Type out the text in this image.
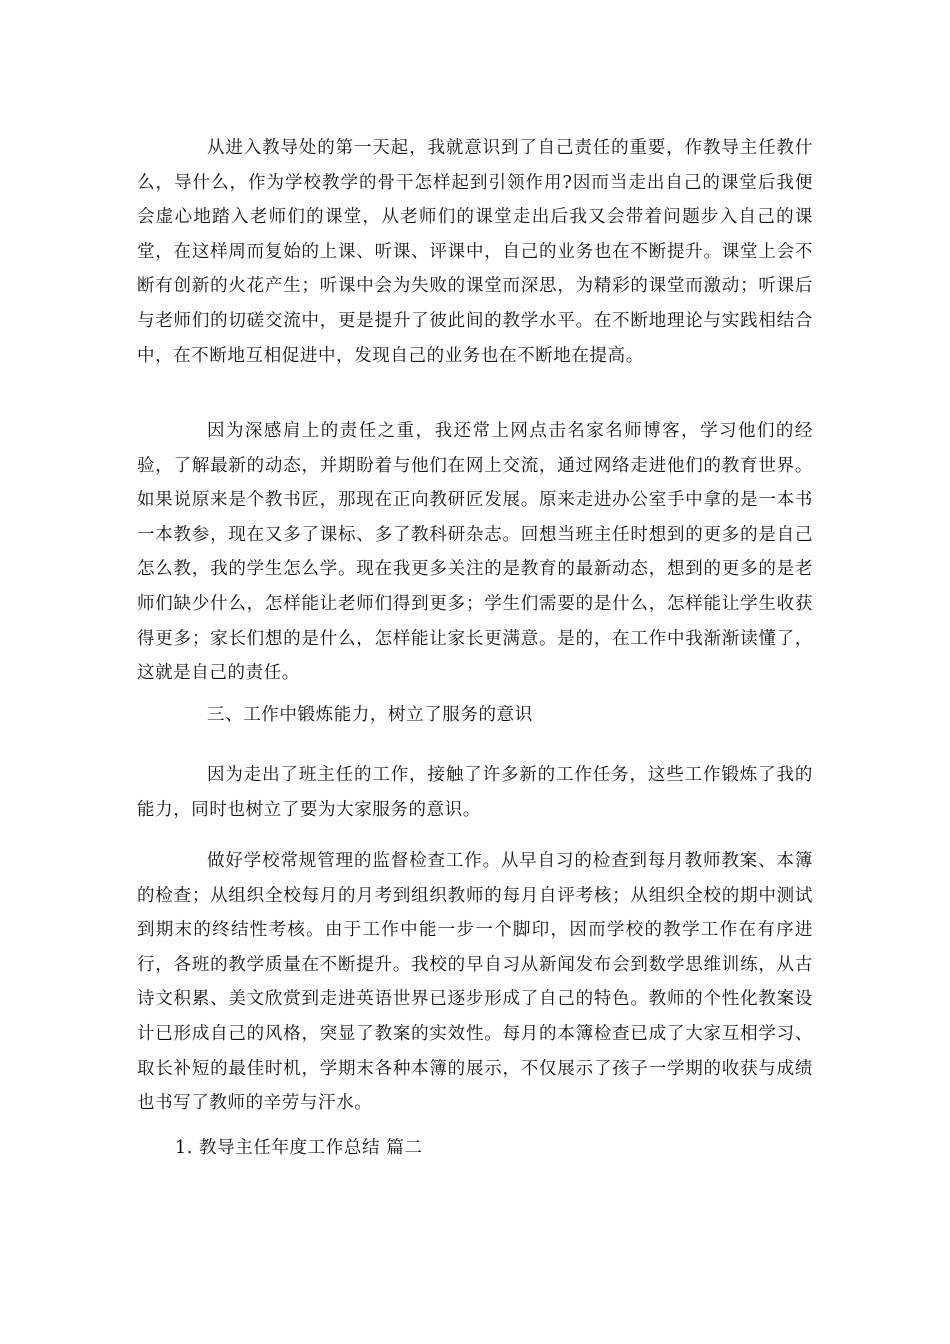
从进入教导处的第一天起，我就意识到了自己责任的重要，作教导主任教什么，导什么，作为学校教学的骨干怎样起到引领作用?因而当走出自己的课堂后我便会虚心地踏入老师们的课堂，从老师们的课堂走出后我又会带着问题步入自己的课堂，在这样周而复始的上课、听课、评课中，自己的业务也在不断提升。课堂上会不断有创新的火花产生；听课中会为失败的课堂而深思，为精彩的课堂而激动；听课后与老师们的切磋交流中，更是提升了彼此间的教学水平。在不断地理论与实践相结合中，在不断地互相促进中，发现自己的业务也在不断地在提高。

因为深感肩上的责任之重，我还常上网点击名家名师博客，学习他们的经验，了解最新的动态，并期盼着与他们在网上交流，通过网络走进他们的教育世界。如果说原来是个教书匠，那现在正向教研匠发展。原来走进办公室手中拿的是一本书一本教参，现在又多了课标、多了教科研杂志。回想当班主任时想到的更多的是自己怎么教，我的学生怎么学。现在我更多关注的是教育的最新动态，想到的更多的是老师们缺少什么，怎样能让老师们得到更多；学生们需要的是什么，怎样能让学生收获得更多；家长们想的是什么，怎样能让家长更满意。是的，在工作中我渐渐读懂了，这就是自己的责任。

三、工作中锻炼能力，树立了服务的意识

因为走出了班主任的工作，接触了许多新的工作任务，这些工作锻炼了我的能力，同时也树立了要为大家服务的意识。

做好学校常规管理的监督检查工作。从早自习的检查到每月教师教案、本簿的检查；从组织全校每月的月考到组织教师的每月自评考核；从组织全校的期中测试到期末的终结性考核。由于工作中能一步一个脚印，因而学校的教学工作在有序进行，各班的教学质量在不断提升。我校的早自习从新闻发布会到数学思维训练，从古诗文积累、美文欣赏到走进英语世界已逐步形成了自己的特色。教师的个性化教案设计已形成自己的风格，突显了教案的实效性。每月的本簿检查已成了大家互相学习、取长补短的最佳时机，学期末各种本簿的展示，不仅展示了孩子一学期的收获与成绩也书写了教师的辛劳与汗水。

1. 教导主任年度工作总结 篇二
